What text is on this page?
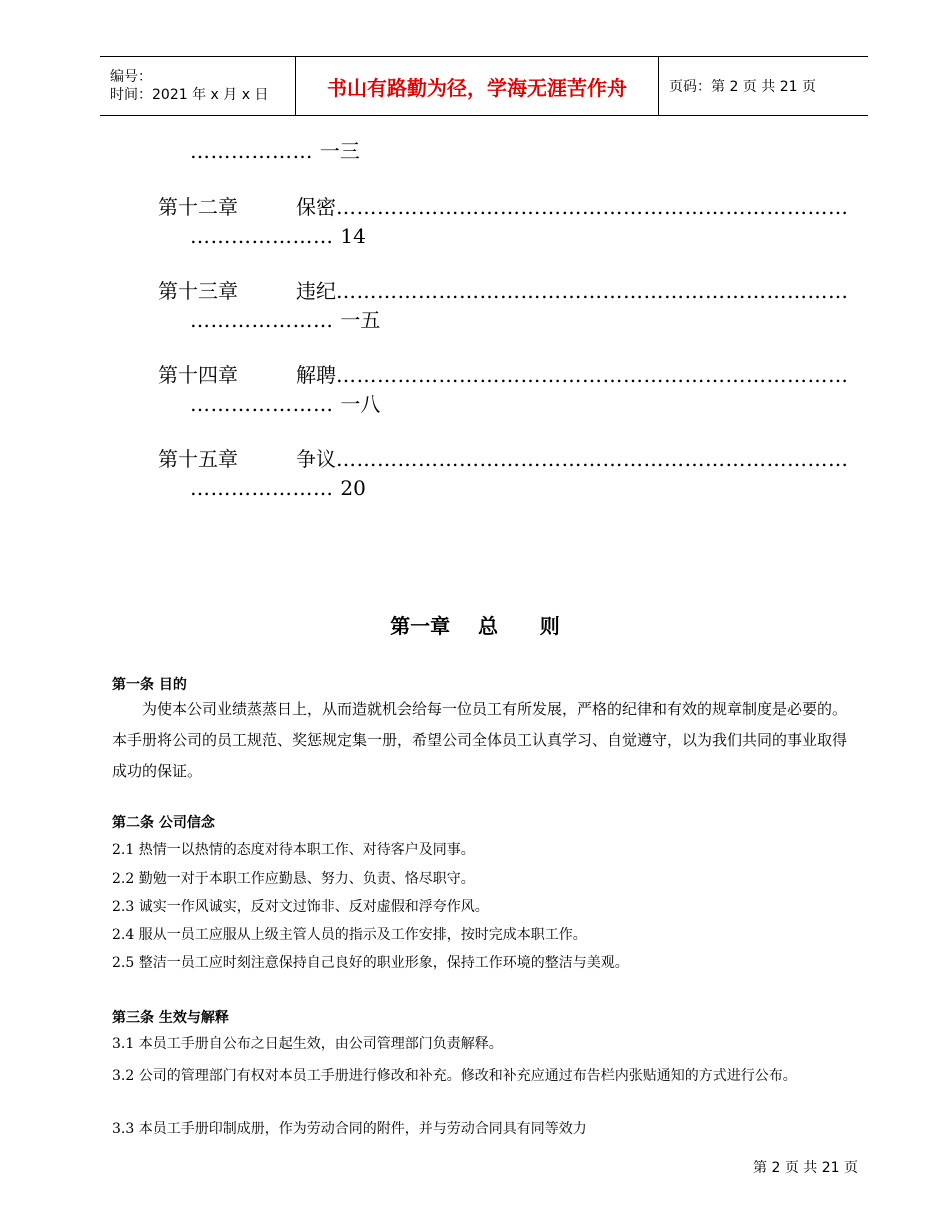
编号：
时间：2021 年 x 月 x 日	书山有路勤为径，学海无涯苦作舟	页码：第 2 页 共 21 页
……………… 一三
第十二章	保密…………………………………………………………………
………………… 14
第十三章	违纪…………………………………………………………………
………………… 一五
第十四章	解聘…………………………………………………………………
………………… 一八
第十五章	争议…………………………………………………………………
………………… 20
第一章    总      则
第一条 目的
为使本公司业绩蒸蒸日上，从而造就机会给每一位员工有所发展，严格的纪律和有效的规章制度是必要的。本手册将公司的员工规范、奖惩规定集一册，希望公司全体员工认真学习、自觉遵守，以为我们共同的事业取得成功的保证。
第二条 公司信念
2.1 热情一以热情的态度对待本职工作、对待客户及同事。
2.2 勤勉一对于本职工作应勤恳、努力、负责、恪尽职守。
2.3 诚实一作风诚实，反对文过饰非、反对虚假和浮夸作风。
2.4 服从一员工应服从上级主管人员的指示及工作安排，按时完成本职工作。
2.5 整洁一员工应时刻注意保持自己良好的职业形象，保持工作环境的整洁与美观。
第三条 生效与解释
3.1 本员工手册自公布之日起生效，由公司管理部门负责解释。
3.2 公司的管理部门有权对本员工手册进行修改和补充。修改和补充应通过布告栏内张贴通知的方式进行公布。
3.3 本员工手册印制成册，作为劳动合同的附件，并与劳动合同具有同等效力
第 2 页 共 21 页
